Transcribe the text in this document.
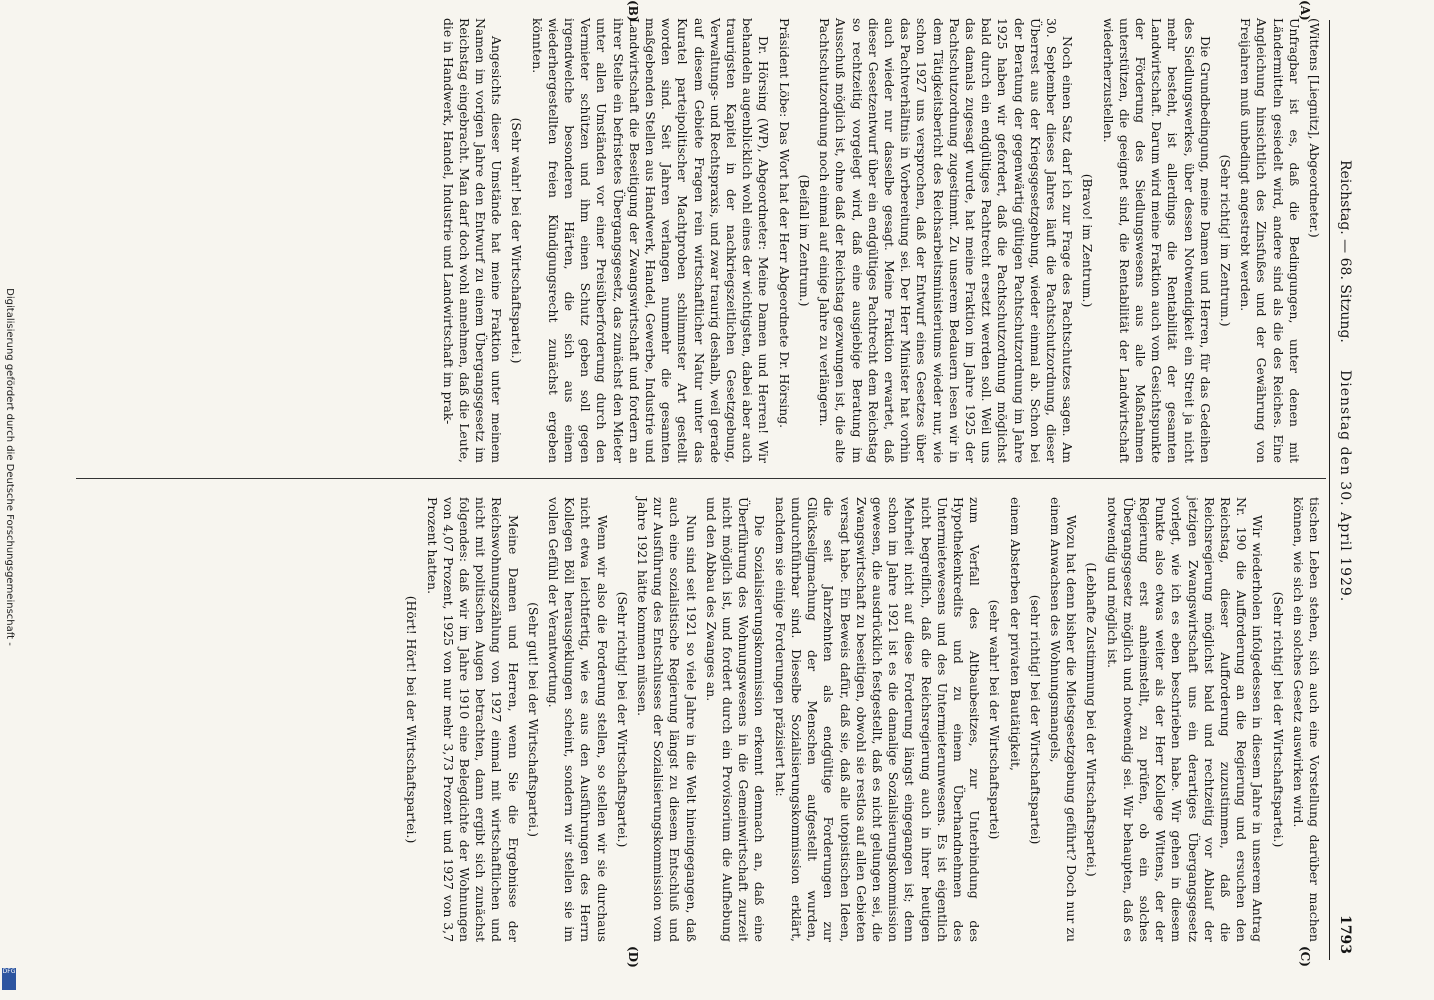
Reichstag. — 68. Sitzung.
Dienstag den 30. April 1929.
1793
(A)
(B)
(C)
(D)

(Wittens [Liegnitz], Abgeordneter.)

Unfragbar ist es, daß die Bedingungen, unter denen mit Ländermitteln gesiedelt wird, andere sind als die des Reiches. Eine Angleichung hinsichtlich des Zinsfußes und der Gewährung von Freijahren muß unbedingt angestrebt werden.

(Sehr richtig! im Zentrum.)

Die Grundbedingung, meine Damen und Herren, für das Gedeihen des Siedlungswerkes, über dessen Notwendigkeit ein Streit ja nicht mehr besteht, ist allerdings die Rentabilität der gesamten Landwirtschaft. Darum wird meine Fraktion auch vom Gesichtspunkte der Förderung des Siedlungswesens aus alle Maßnahmen unterstützen, die geeignet sind, die Rentabilität der Landwirtschaft wiederherzustellen.

(Bravo! im Zentrum.)

Noch einen Satz darf ich zur Frage des Pachtschutzes sagen. Am 30. September dieses Jahres läuft die Pachtschutzordnung, dieser Überrest aus der Kriegsgesetzgebung, wieder einmal ab. Schon bei der Beratung der gegenwärtig gültigen Pachtschutzordnung im Jahre 1925 haben wir gefordert, daß die Pachtschutzordnung möglichst bald durch ein endgültiges Pachtrecht ersetzt werden soll. Weil uns das damals zugesagt wurde, hat meine Fraktion im Jahre 1925 der Pachtschutzordnung zugestimmt. Zu unserem Bedauern lesen wir in dem Tätigkeitsbericht des Reichsarbeitsministeriums wieder nur, wie schon 1927 uns versprochen, daß der Entwurf eines Gesetzes über das Pachtverhältnis in Vorbereitung sei. Der Herr Minister hat vorhin auch wieder nur dasselbe gesagt. Meine Fraktion erwartet, daß dieser Gesetzentwurf über ein endgültiges Pachtrecht dem Reichstag so rechtzeitig vorgelegt wird, daß eine ausgiebige Beratung im Ausschuß möglich ist, ohne daß der Reichstag gezwungen ist, die alte Pachtschutzordnung noch einmal auf einige Jahre zu verlängern.

(Beifall im Zentrum.)

Präsident Löbe: Das Wort hat der Herr Abgeordnete Dr. Hörsing.

Dr. Hörsing (WP), Abgeordneter: Meine Damen und Herren! Wir behandeln augenblicklich wohl eines der wichtigsten, dabei aber auch traurigsten Kapitel in der nachkriegszeitlichen Gesetzgebung, Verwaltungs- und Rechtspraxis, und zwar traurig deshalb, weil gerade auf diesem Gebiete Fragen rein wirtschaftlicher Natur unter das Kuratel parteipolitischer Machtproben schlimmster Art gestellt worden sind. Seit Jahren verlangen nunmehr die gesamten maßgebenden Stellen aus Handwerk, Handel, Gewerbe, Industrie und Landwirtschaft die Beseitigung der Zwangswirtschaft und fordern an ihrer Stelle ein befristetes Übergangsgesetz, das zunächst den Mieter unter allen Umständen vor einer Preisüberforderung durch den Vermieter schützen und ihm einen Schutz geben soll gegen irgendwelche besonderen Härten, die sich aus einem wiederhergestellten freien Kündigungsrecht zunächst ergeben könnten.

(Sehr wahr! bei der Wirtschaftspartei.)

Angesichts dieser Umstände hat meine Fraktion unter meinem Namen im vorigen Jahre den Entwurf zu einem Übergangsgesetz im Reichstag eingebracht. Man darf doch wohl annehmen, daß die Leute, die in Handwerk, Handel, Industrie und Landwirtschaft im prak-

tischen Leben stehen, sich auch eine Vorstellung darüber machen können, wie sich ein solches Gesetz auswirken wird.

(Sehr richtig! bei der Wirtschaftspartei.)

Wir wiederholen infolgedessen in diesem Jahre in unserem Antrag Nr. 190 die Aufforderung an die Regierung und ersuchen den Reichstag, dieser Aufforderung zuzustimmen, daß die Reichsregierung möglichst bald und rechtzeitig vor Ablauf der jetzigen Zwangswirtschaft uns ein derartiges Übergangsgesetz vorlegt, wie ich es eben beschrieben habe. Wir gehen in diesem Punkte also etwas weiter als der Herr Kollege Wittens, der der Regierung erst anheimstellt, zu prüfen, ob ein solches Übergangsgesetz möglich und notwendig sei. Wir behaupten, daß es notwendig und möglich ist.

(Lebhafte Zustimmung bei der Wirtschaftspartei.)

Wozu hat denn bisher die Mietsgesetzgebung geführt? Doch nur zu einem Anwachsen des Wohnungsmangels,

(sehr richtig! bei der Wirtschaftspartei)

einem Absterben der privaten Bautätigkeit,

(sehr wahr! bei der Wirtschaftspartei)

zum Verfall des Altbaubesitzes, zur Unterbindung des Hypothekenkredits und zu einem Überhandnehmen des Untermietewesens und des Untermieterunwesens. Es ist eigentlich nicht begreiflich, daß die Reichsregierung auch in ihrer heutigen Mehrheit nicht auf diese Forderung längst eingegangen ist; denn schon im Jahre 1921 ist es die damalige Sozialisierungskommission gewesen, die ausdrücklich festgestellt, daß es nicht gelungen sei, die Zwangswirtschaft zu beseitigen, obwohl sie restlos auf allen Gebieten versagt habe. Ein Beweis dafür, daß sie, daß alle utopistischen Ideen, die seit Jahrzehnten als endgültige Forderungen zur Glückseligmachung der Menschen aufgestellt wurden, undurchführbar sind. Dieselbe Sozialisierungskommission erklärt, nachdem sie einige Forderungen präzisiert hat:

Die Sozialisierungskommission erkennt demnach an, daß eine Überführung des Wohnungswesens in die Gemeinwirtschaft zurzeit nicht möglich ist, und fordert durch ein Provisorium die Aufhebung und den Abbau des Zwanges an.

Nun sind seit 1921 so viele Jahre in die Welt hineingegangen, daß auch eine sozialistische Regierung längst zu diesem Entschluß und zur Ausführung des Entschlusses der Sozialisierungskommission vom Jahre 1921 hätte kommen müssen.

(Sehr richtig! bei der Wirtschaftspartei.)

Wenn wir also die Forderung stellen, so stellen wir sie durchaus nicht etwa leichtfertig, wie es aus den Ausführungen des Herrn Kollegen Böll herausgeklungen scheint, sondern wir stellen sie im vollen Gefühl der Verantwortung.

(Sehr gut! bei der Wirtschaftspartei.)

Meine Damen und Herren, wenn Sie die Ergebnisse der Reichswohnungszählung von 1927 einmal mit wirtschaftlichen und nicht mit politischen Augen betrachten, dann ergibt sich zunächst folgendes: daß wir im Jahre 1910 eine Belegdichte der Wohnungen von 4,07 Prozent, 1925 von nur mehr 3,73 Prozent und 1927 von 3,7 Prozent hatten.

(Hört! Hört! bei der Wirtschaftspartei.)

Digitalisierung gefördert durch die Deutsche Forschungsgemeinschaft -
DFG
